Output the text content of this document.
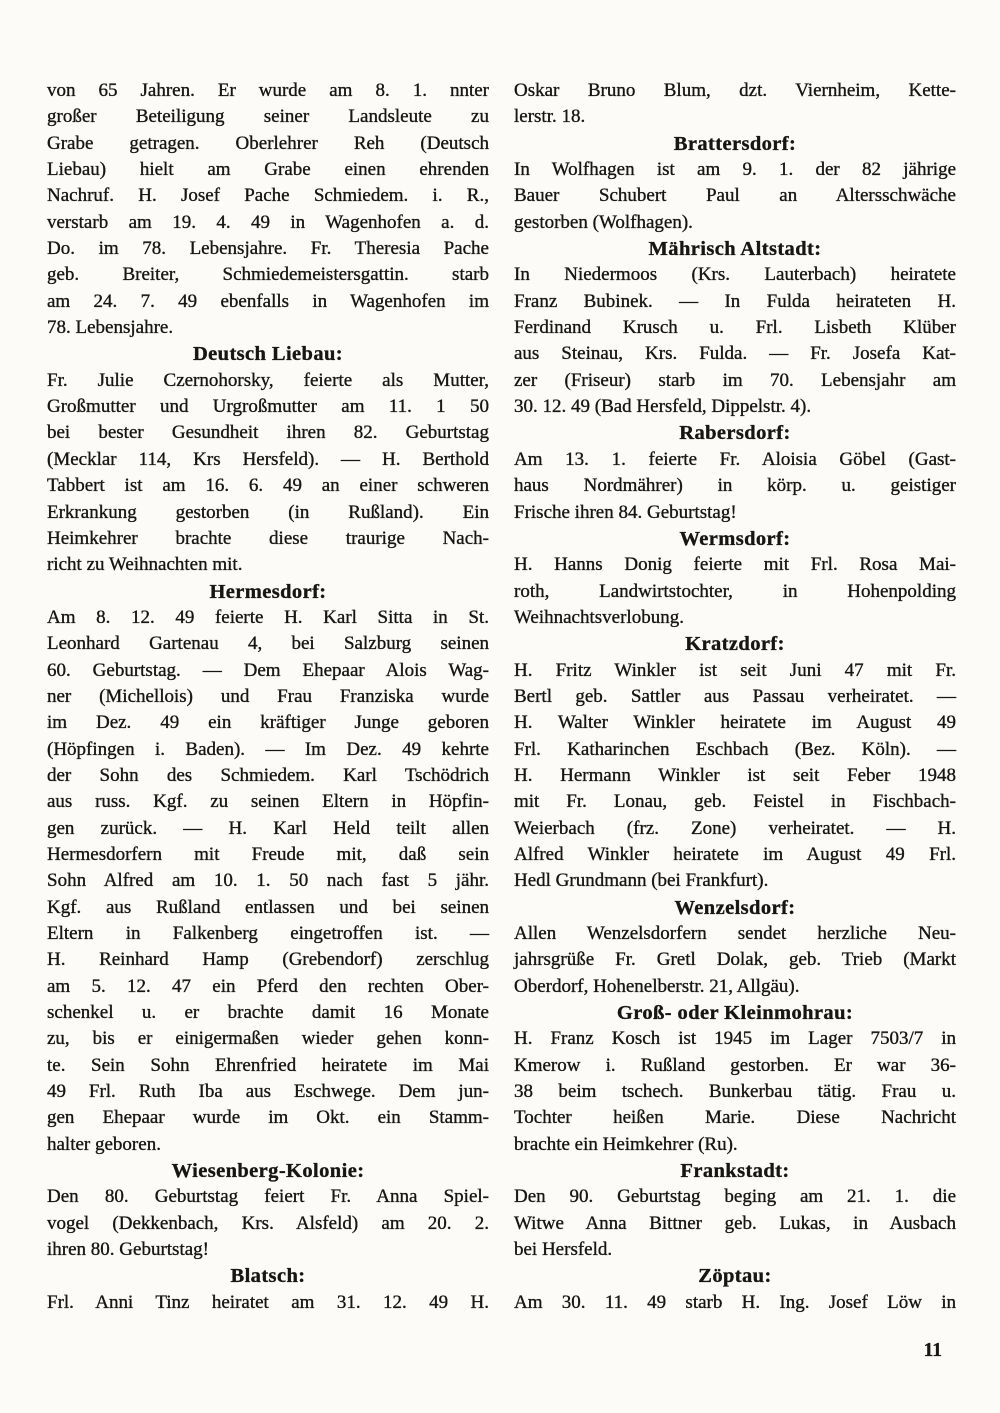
von 65 Jahren. Er wurde am 8. 1. nnter
großer Beteiligung seiner Landsleute zu
Grabe getragen. Oberlehrer Reh (Deutsch
Liebau) hielt am Grabe einen ehrenden
Nachruf. H. Josef Pache Schmiedem. i. R.,
verstarb am 19. 4. 49 in Wagenhofen a. d.
Do. im 78. Lebensjahre. Fr. Theresia Pache
geb. Breiter, Schmiedemeistersgattin. starb
am 24. 7. 49 ebenfalls in Wagenhofen im
78. Lebensjahre.
Deutsch Liebau:
Fr. Julie Czernohorsky, feierte als Mutter,
Großmutter und Urgroßmutter am 11. 1 50
bei bester Gesundheit ihren 82. Geburtstag
(Mecklar 114, Krs Hersfeld). — H. Berthold
Tabbert ist am 16. 6. 49 an einer schweren
Erkrankung gestorben (in Rußland). Ein
Heimkehrer brachte diese traurige Nach-
richt zu Weihnachten mit.
Hermesdorf:
Am 8. 12. 49 feierte H. Karl Sitta in St.
Leonhard Gartenau 4, bei Salzburg seinen
60. Geburtstag. — Dem Ehepaar Alois Wag-
ner (Michellois) und Frau Franziska wurde
im Dez. 49 ein kräftiger Junge geboren
(Höpfingen i. Baden). — Im Dez. 49 kehrte
der Sohn des Schmiedem. Karl Tschödrich
aus russ. Kgf. zu seinen Eltern in Höpfin-
gen zurück. — H. Karl Held teilt allen
Hermesdorfern mit Freude mit, daß sein
Sohn Alfred am 10. 1. 50 nach fast 5 jähr.
Kgf. aus Rußland entlassen und bei seinen
Eltern in Falkenberg eingetroffen ist. —
H. Reinhard Hamp (Grebendorf) zerschlug
am 5. 12. 47 ein Pferd den rechten Ober-
schenkel u. er brachte damit 16 Monate
zu, bis er einigermaßen wieder gehen konn-
te. Sein Sohn Ehrenfried heiratete im Mai
49 Frl. Ruth Iba aus Eschwege. Dem jun-
gen Ehepaar wurde im Okt. ein Stamm-
halter geboren.
Wiesenberg-Kolonie:
Den 80. Geburtstag feiert Fr. Anna Spiel-
vogel (Dekkenbach, Krs. Alsfeld) am 20. 2.
ihren 80. Geburtstag!
Blatsch:
Frl. Anni Tinz heiratet am 31. 12. 49 H.
Oskar Bruno Blum, dzt. Viernheim, Kette-
lerstr. 18.
Brattersdorf:
In Wolfhagen ist am 9. 1. der 82 jährige
Bauer Schubert Paul an Altersschwäche
gestorben (Wolfhagen).
Mährisch Altstadt:
In Niedermoos (Krs. Lauterbach) heiratete
Franz Bubinek. — In Fulda heirateten H.
Ferdinand Krusch u. Frl. Lisbeth Klüber
aus Steinau, Krs. Fulda. — Fr. Josefa Kat-
zer (Friseur) starb im 70. Lebensjahr am
30. 12. 49 (Bad Hersfeld, Dippelstr. 4).
Rabersdorf:
Am 13. 1. feierte Fr. Aloisia Göbel (Gast-
haus Nordmährer) in körp. u. geistiger
Frische ihren 84. Geburtstag!
Wermsdorf:
H. Hanns Donig feierte mit Frl. Rosa Mai-
roth, Landwirtstochter, in Hohenpolding
Weihnachtsverlobung.
Kratzdorf:
H. Fritz Winkler ist seit Juni 47 mit Fr.
Bertl geb. Sattler aus Passau verheiratet. —
H. Walter Winkler heiratete im August 49
Frl. Katharinchen Eschbach (Bez. Köln). —
H. Hermann Winkler ist seit Feber 1948
mit Fr. Lonau, geb. Feistel in Fischbach-
Weierbach (frz. Zone) verheiratet. — H.
Alfred Winkler heiratete im August 49 Frl.
Hedl Grundmann (bei Frankfurt).
Wenzelsdorf:
Allen Wenzelsdorfern sendet herzliche Neu-
jahrsgrüße Fr. Gretl Dolak, geb. Trieb (Markt
Oberdorf, Hohenelberstr. 21, Allgäu).
Groß- oder Kleinmohrau:
H. Franz Kosch ist 1945 im Lager 7503/7 in
Kmerow i. Rußland gestorben. Er war 36-
38 beim tschech. Bunkerbau tätig. Frau u.
Tochter heißen Marie. Diese Nachricht
brachte ein Heimkehrer (Ru).
Frankstadt:
Den 90. Geburtstag beging am 21. 1. die
Witwe Anna Bittner geb. Lukas, in Ausbach
bei Hersfeld.
Zöptau:
Am 30. 11. 49 starb H. Ing. Josef Löw in
11
